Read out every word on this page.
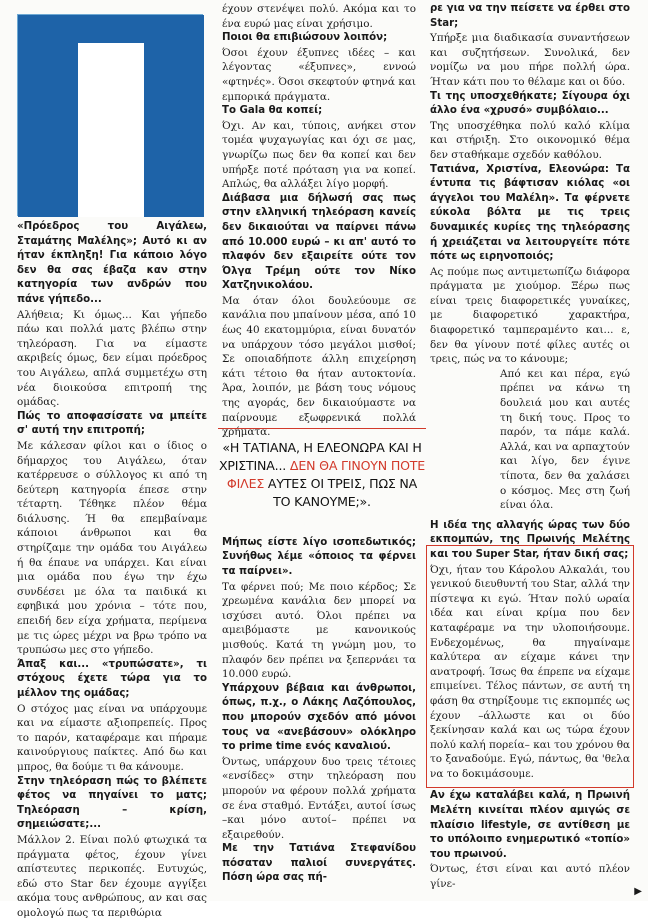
«Πρόεδρος του Αιγάλεω, Σταμάτης Μαλέλης»; Αυτό κι αν ήταν έκπληξη! Για κάποιο λόγο δεν θα σας έβαζα καν στην κατηγορία των ανδρών που πάνε γήπεδο...

Αλήθεια; Κι όμως... Και γήπεδο πάω και πολλά ματς βλέπω στην τηλεόραση. Για να είμαστε ακριβείς όμως, δεν είμαι πρόεδρος του Αιγάλεω, απλά συμμετέχω στη νέα διοικούσα επιτροπή της ομάδας.

Πώς το αποφασίσατε να μπείτε σ' αυτή την επιτροπή;

Με κάλεσαν φίλοι και ο ίδιος ο δήμαρχος του Αιγάλεω, όταν κατέρρευσε ο σύλλογος κι από τη δεύτερη κατηγορία έπεσε στην τέταρτη. Τέθηκε πλέον θέμα διάλυσης. Ή θα επεμβαίναμε κάποιοι άνθρωποι και θα στηρίζαμε την ομάδα του Αιγάλεω ή θα έπαυε να υπάρχει. Και είναι μια ομάδα που έγω την έχω συνδέσει με όλα τα παιδικά κι εφηβικά μου χρόνια – τότε που, επειδή δεν είχα χρήματα, περίμενα με τις ώρες μέχρι να βρω τρόπο να τρυπώσω μες στο γήπεδο.

Άπαξ και... «τρυπώσατε», τι στόχους έχετε τώρα για το μέλλον της ομάδας;

Ο στόχος μας είναι να υπάρχουμε και να είμαστε αξιοπρεπείς. Προς το παρόν, καταφέραμε και πήραμε καινούργιους παίκτες. Από δω και μπρος, θα δούμε τι θα κάνουμε.

Στην τηλεόραση πώς το βλέπετε φέτος να πηγαίνει το ματς; Τηλεόραση – κρίση, σημειώσατε;...

Μάλλον 2. Είναι πολύ φτωχικά τα πράγματα φέτος, έχουν γίνει απίστευτες περικοπές. Ευτυχώς, εδώ στο Star δεν έχουμε αγγίξει ακόμα τους ανθρώπους, αν και σας ομολογώ πως τα περιθώρια

έχουν στενέψει πολύ. Ακόμα και το ένα ευρώ μας είναι χρήσιμο.

Ποιοι θα επιβιώσουν λοιπόν;

Όσοι έχουν έξυπνες ιδέες – και λέγοντας «έξυπνες», εννοώ «φτηνές». Όσοι σκεφτούν φτηνά και εμπορικά πράγματα.

Το Gala θα κοπεί;

Όχι. Αν και, τύποις, ανήκει στον τομέα ψυχαγωγίας και όχι σε μας, γνωρίζω πως δεν θα κοπεί και δεν υπήρξε ποτέ πρόταση για να κοπεί. Απλώς, θα αλλάξει λίγο μορφή.

Διάβασα μια δήλωσή σας πως στην ελληνική τηλεόραση κανείς δεν δικαιούται να παίρνει πάνω από 10.000 ευρώ – κι απ' αυτό το πλαφόν δεν εξαιρείτε ούτε τον Όλγα Τρέμη ούτε τον Νίκο Χατζηνικολάου.

Μα όταν όλοι δουλεύουμε σε κανάλια που μπαίνουν μέσα, από 10 έως 40 εκατομμύρια, είναι δυνατόν να υπάρχουν τόσο μεγάλοι μισθοί; Σε οποιαδήποτε άλλη επιχείρηση κάτι τέτοιο θα ήταν αυτοκτονία. Άρα, λοιπόν, με βάση τους νόμους της αγοράς, δεν δικαιούμαστε να παίρνουμε εξωφρενικά πολλά χρήματα.

Μήπως είστε λίγο ισοπεδωτικός; Συνήθως λέμε «όποιος τα φέρνει τα παίρνει».

Τα φέρνει πού; Με ποιο κέρδος; Σε χρεωμένα κανάλια δεν μπορεί να ισχύσει αυτό. Όλοι πρέπει να αμειβόμαστε με κανονικούς μισθούς. Κατά τη γνώμη μου, το πλαφόν δεν πρέπει να ξεπερνάει τα 10.000 ευρώ.

Υπάρχουν βέβαια και άνθρωποι, όπως, π.χ., ο Λάκης Λαζόπουλος, που μπορούν σχεδόν από μόνοι τους να «ανεβάσουν» ολόκληρο το prime time ενός καναλιού.

Όντως, υπάρχουν δυο τρεις τέτοιες «ενσίδες» στην τηλεόραση που μπορούν να φέρουν πολλά χρήματα σε ένα σταθμό. Εντάξει, αυτοί ίσως –και μόνο αυτοί– πρέπει να εξαιρεθούν.

Με την Τατιάνα Στεφανίδου πόσαταν παλιοί συνεργάτες. Πόση ώρα σας πή-

«Η ΤΑΤΙΑΝΑ, Η ΕΛΕΟΝΩΡΑ ΚΑΙ Η ΧΡΙΣΤΙΝΑ... ΔΕΝ ΘΑ ΓΙΝΟΥΝ ΠΟΤΕ ΦΙΛΕΣ ΑΥΤΕΣ ΟΙ ΤΡΕΙΣ, ΠΩΣ ΝΑ ΤΟ ΚΑΝΟΥΜΕ;».

ρε για να την πείσετε να έρθει στο Star;

Υπήρξε μια διαδικασία συναντήσεων και συζητήσεων. Συνολικά, δεν νομίζω να μου πήρε πολλή ώρα. Ήταν κάτι που το θέλαμε και οι δύο.

Τι της υποσχεθήκατε; Σίγουρα όχι άλλο ένα «χρυσό» συμβόλαιο...

Της υποσχέθηκα πολύ καλό κλίμα και στήριξη. Στο οικονομικό θέμα δεν σταθήκαμε σχεδόν καθόλου.

Τατιάνα, Χριστίνα, Ελεονώρα: Τα έντυπα τις βάφτισαν κιόλας «οι άγγελοι του Μαλέλη». Τα φέρνετε εύκολα βόλτα με τις τρεις δυναμικές κυρίες της τηλεόρασης ή χρειάζεται να λειτουργείτε πότε πότε ως ειρηνοποιός;

Ας πούμε πως αντιμετωπίζω διάφορα πράγματα με χιούμορ. Ξέρω πως είναι τρεις διαφορετικές γυναίκες, με διαφορετικό χαρακτήρα, διαφορετικό ταμπεραμέντο και... ε, δεν θα γίνουν ποτέ φίλες αυτές οι τρεις, πώς να το κάνουμε;

Από κει και πέρα, εγώ πρέπει να κάνω τη δουλειά μου και αυτές τη δική τους. Προς το παρόν, τα πάμε καλά. Αλλά, και να αρπαχτούν και λίγο, δεν έγινε τίποτα, δεν θα χαλάσει ο κόσμος. Μες στη ζωή είναι όλα.

Η ιδέα της αλλαγής ώρας των δύο εκπομπών, της Πρωινής Μελέτης και του Super Star, ήταν δική σας;

Όχι, ήταν του Κάρολου Αλκαλάι, του γενικού διευθυντή του Star, αλλά την πίστεψα κι εγώ. Ήταν πολύ ωραία ιδέα και είναι κρίμα που δεν καταφέραμε να την υλοποιήσουμε. Ενδεχομένως, θα πηγαίναμε καλύτερα αν είχαμε κάνει την ανατροφή. Ίσως θα έπρεπε να είχαμε επιμείνει. Τέλος πάντων, σε αυτή τη φάση θα στηρίξουμε τις εκπομπές ως έχουν –άλλωστε και οι δύο ξεκίνησαν καλά και ως τώρα έχουν πολύ καλή πορεία– και του χρόνου θα το ξαναδούμε. Εγώ, πάντως, θα 'θελα να το δοκιμάσουμε.

Αν έχω καταλάβει καλά, η Πρωινή Μελέτη κινείται πλέον αμιγώς σε πλαίσιο lifestyle, σε αντίθεση με το υπόλοιπο ενημερωτικό «τοπίο» του πρωινού.

Όντως, έτσι είναι και αυτό πλέον γίνε-

▶
